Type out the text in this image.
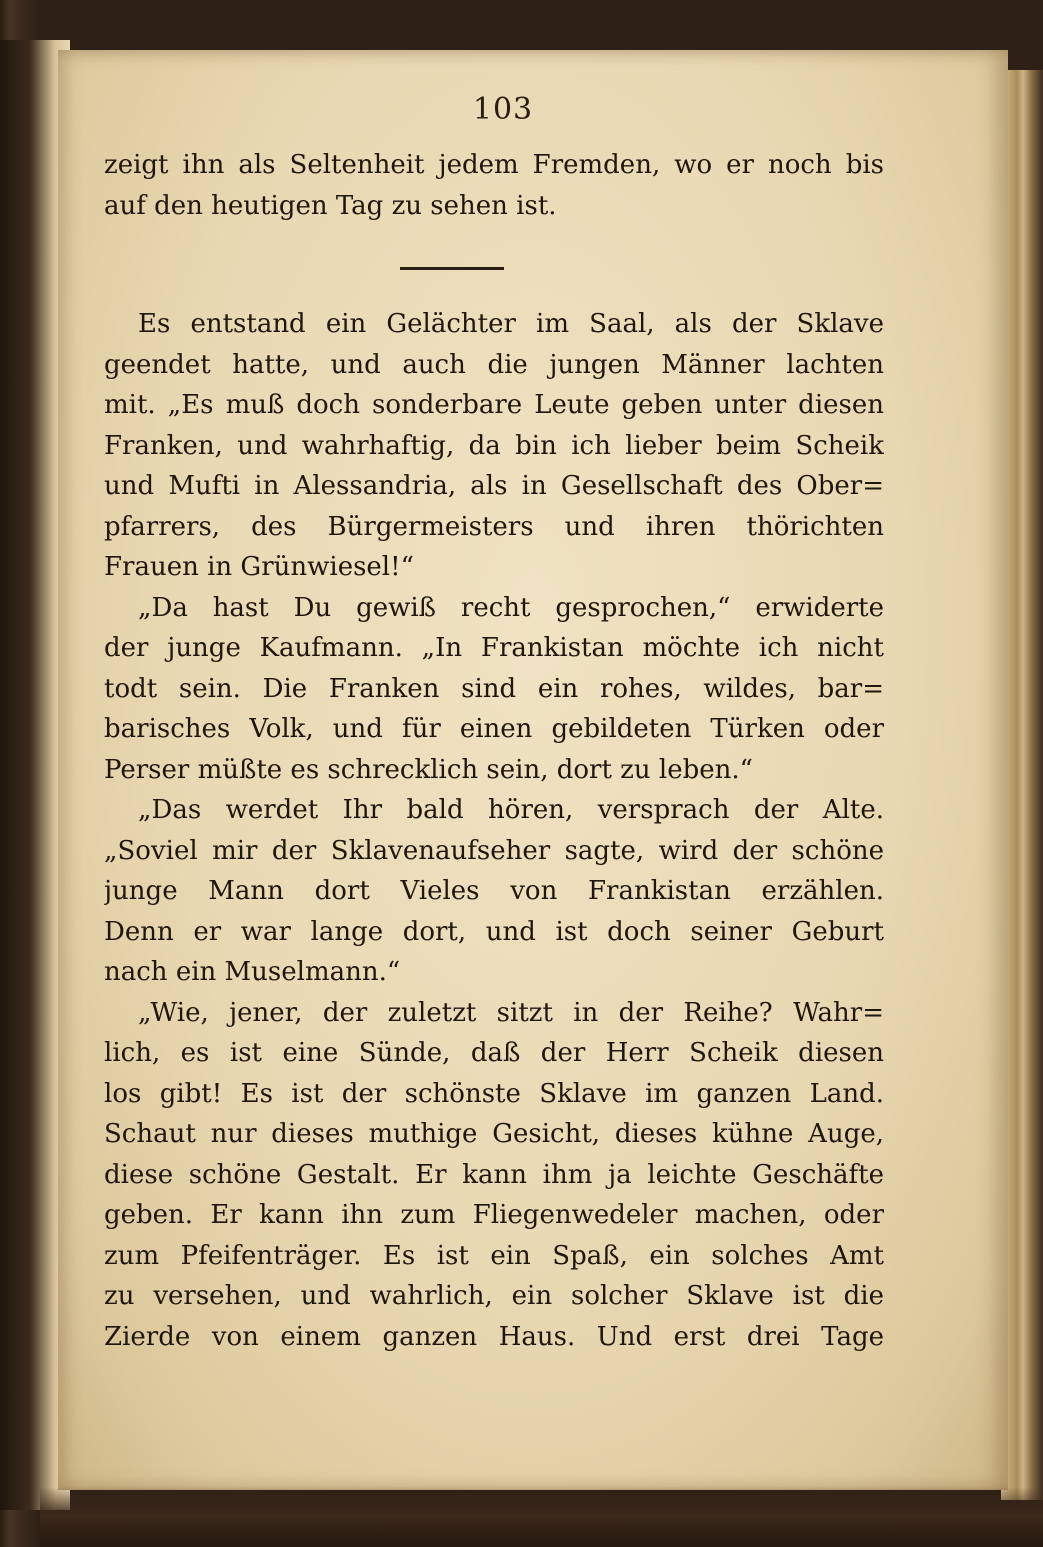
103
zeigt ihn als Seltenheit jedem Fremden, wo er noch bis
auf den heutigen Tag zu sehen ist.
Es entstand ein Gelächter im Saal, als der Sklave
geendet hatte, und auch die jungen Männer lachten
mit. „Es muß doch sonderbare Leute geben unter diesen
Franken, und wahrhaftig, da bin ich lieber beim Scheik
und Mufti in Alessandria, als in Gesellschaft des Ober=
pfarrers, des Bürgermeisters und ihren thörichten
Frauen in Grünwiesel!“
„Da hast Du gewiß recht gesprochen,“ erwiderte
der junge Kaufmann. „In Frankistan möchte ich nicht
todt sein. Die Franken sind ein rohes, wildes, bar=
barisches Volk, und für einen gebildeten Türken oder
Perser müßte es schrecklich sein, dort zu leben.“
„Das werdet Ihr bald hören, versprach der Alte.
„Soviel mir der Sklavenaufseher sagte, wird der schöne
junge Mann dort Vieles von Frankistan erzählen.
Denn er war lange dort, und ist doch seiner Geburt
nach ein Muselmann.“
„Wie, jener, der zuletzt sitzt in der Reihe? Wahr=
lich, es ist eine Sünde, daß der Herr Scheik diesen
los gibt! Es ist der schönste Sklave im ganzen Land.
Schaut nur dieses muthige Gesicht, dieses kühne Auge,
diese schöne Gestalt. Er kann ihm ja leichte Geschäfte
geben. Er kann ihn zum Fliegenwedeler machen, oder
zum Pfeifenträger. Es ist ein Spaß, ein solches Amt
zu versehen, und wahrlich, ein solcher Sklave ist die
Zierde von einem ganzen Haus. Und erst drei Tage
